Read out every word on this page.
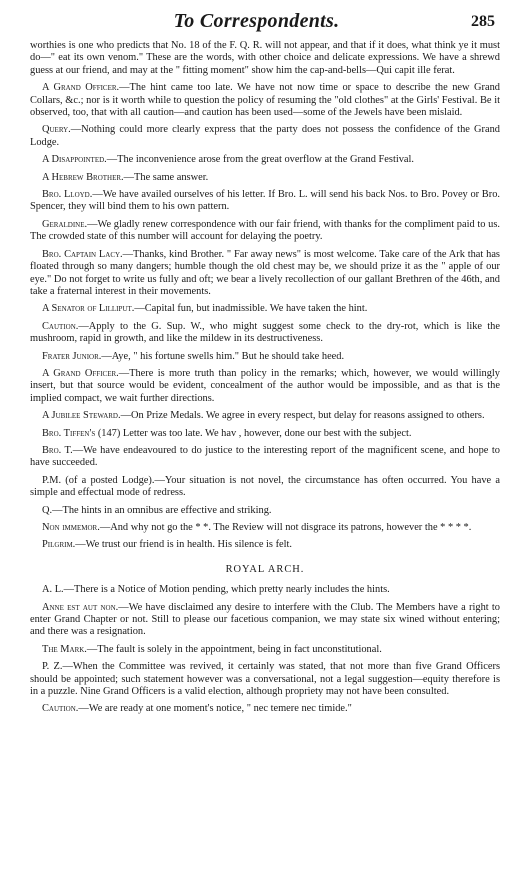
To Correspondents.	285

worthies is one who predicts that No. 18 of the F. Q. R. will not appear, and that if it does, what think ye it must do—" eat its own venom." These are the words, with other choice and delicate expressions. We have a shrewd guess at our friend, and may at the " fitting moment" show him the cap-and-bells—Qui capit ille ferat.

A Grand Officer.—The hint came too late. We have not now time or space to describe the new Grand Collars, &c.; nor is it worth while to question the policy of resuming the "old clothes" at the Girls' Festival. Be it observed, too, that with all caution—and caution has been used—some of the Jewels have been mislaid.

Query.—Nothing could more clearly express that the party does not possess the confidence of the Grand Lodge.

A Disappointed.—The inconvenience arose from the great overflow at the Grand Festival.

A Hebrew Brother.—The same answer.

Bro. Lloyd.—We have availed ourselves of his letter. If Bro. L. will send his back Nos. to Bro. Povey or Bro. Spencer, they will bind them to his own pattern.

Geraldine.—We gladly renew correspondence with our fair friend, with thanks for the compliment paid to us. The crowded state of this number will account for delaying the poetry.

Bro. Captain Lacy.—Thanks, kind Brother. " Far away news" is most welcome. Take care of the Ark that has floated through so many dangers; humble though the old chest may be, we should prize it as the " apple of our eye." Do not forget to write us fully and oft; we bear a lively recollection of our gallant Brethren of the 46th, and take a fraternal interest in their movements.

A Senator of Lilliput.—Capital fun, but inadmissible. We have taken the hint.

Caution.—Apply to the G. Sup. W., who might suggest some check to the dry-rot, which is like the mushroom, rapid in growth, and like the mildew in its destructiveness.

Frater Junior.—Aye, " his fortune swells him." But he should take heed.

A Grand Officer.—There is more truth than policy in the remarks; which, however, we would willingly insert, but that source would be evident, concealment of the author would be impossible, and as that is the implied compact, we wait further directions.

A Jubilee Steward.—On Prize Medals. We agree in every respect, but delay for reasons assigned to others.

Bro. Tiffen's (147) Letter was too late. We hav , however, done our best with the subject.

Bro. T.—We have endeavoured to do justice to the interesting report of the magnificent scene, and hope to have succeeded.

P.M. (of a posted Lodge).—Your situation is not novel, the circumstance has often occurred. You have a simple and effectual mode of redress.

Q.—The hints in an omnibus are effective and striking.

Non immemor.—And why not go the * *. The Review will not disgrace its patrons, however the * * * *.

Pilgrim.—We trust our friend is in health. His silence is felt.

ROYAL ARCH.

A. L.—There is a Notice of Motion pending, which pretty nearly includes the hints.

Anne est aut non.—We have disclaimed any desire to interfere with the Club. The Members have a right to enter Grand Chapter or not. Still to please our facetious companion, we may state six wined without entering; and there was a resignation.

The Mark.—The fault is solely in the appointment, being in fact unconstitutional.

P. Z.—When the Committee was revived, it certainly was stated, that not more than five Grand Officers should be appointed; such statement however was a conversational, not a legal suggestion—equity therefore is in a puzzle. Nine Grand Officers is a valid election, although propriety may not have been consulted.

Caution.—We are ready at one moment's notice, " nec temere nec timide."
